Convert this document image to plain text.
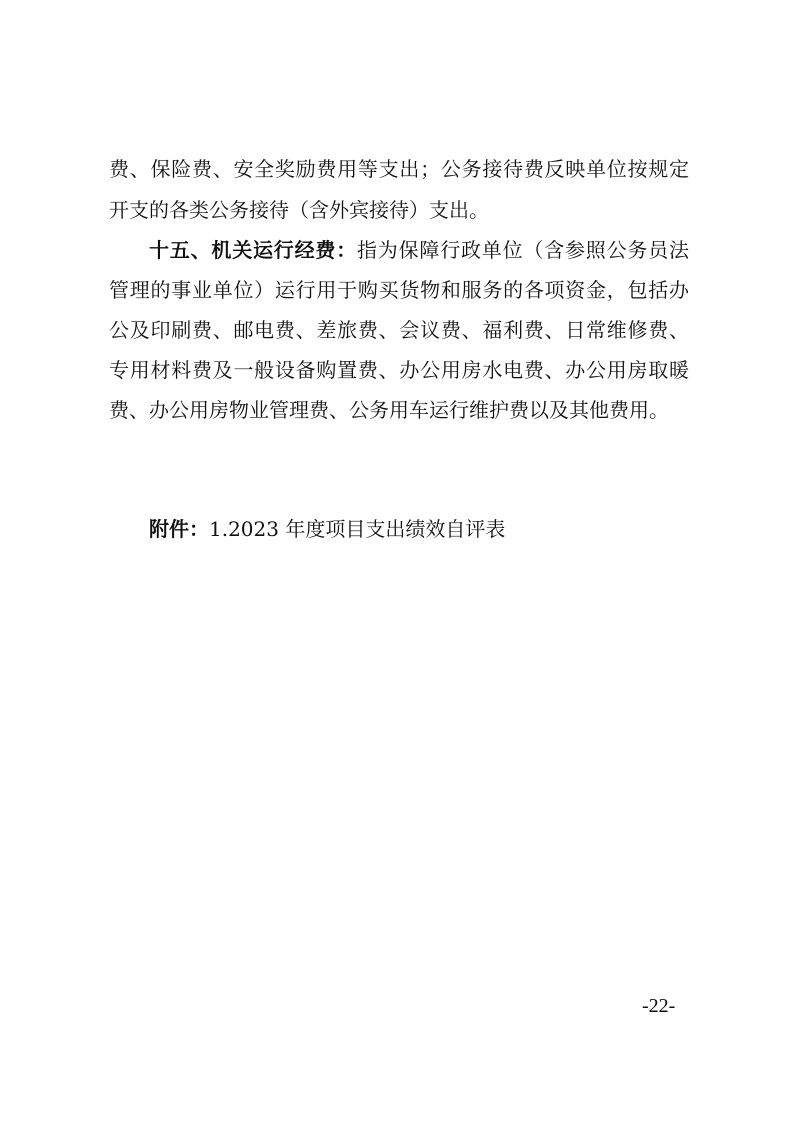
费、保险费、安全奖励费用等支出；公务接待费反映单位按规定
开支的各类公务接待（含外宾接待）支出。
十五、机关运行经费：指为保障行政单位（含参照公务员法
管理的事业单位）运行用于购买货物和服务的各项资金，包括办
公及印刷费、邮电费、差旅费、会议费、福利费、日常维修费、
专用材料费及一般设备购置费、办公用房水电费、办公用房取暖
费、办公用房物业管理费、公务用车运行维护费以及其他费用。
附件：1.2023 年度项目支出绩效自评表
-22-
